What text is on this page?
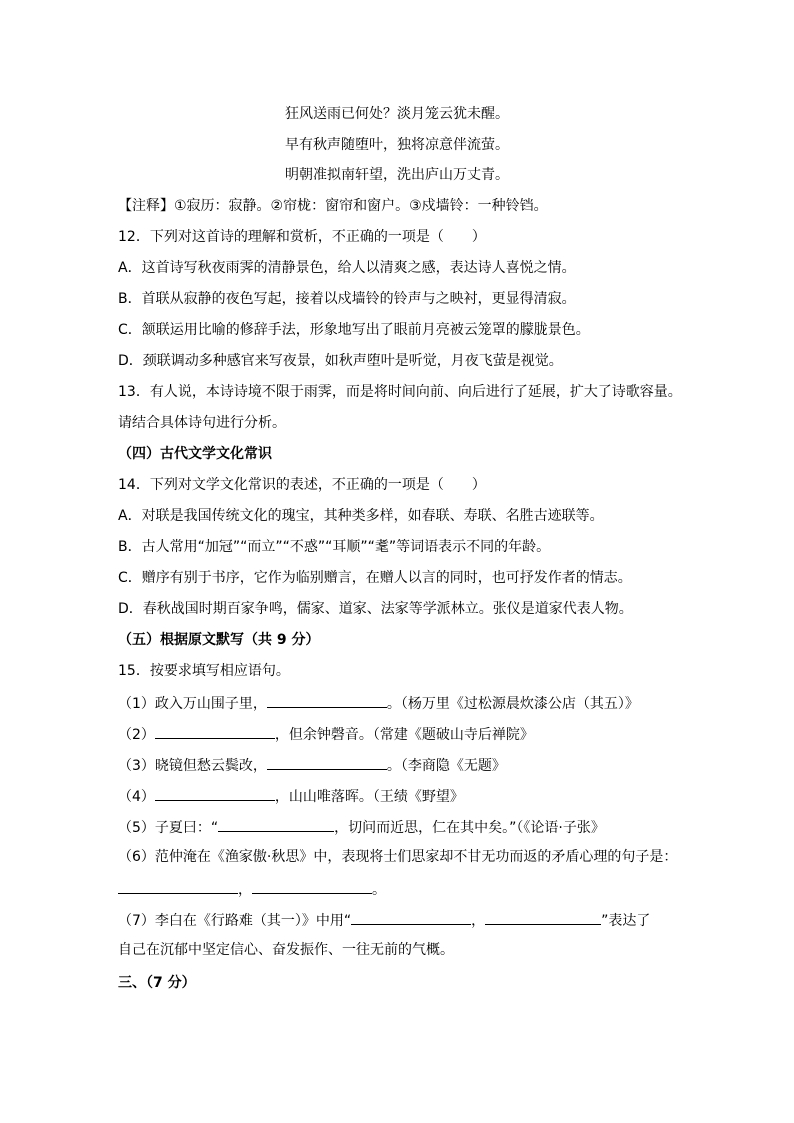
狂风送雨已何处？淡月笼云犹未醒。
早有秋声随堕叶，独将凉意伴流萤。
明朝准拟南轩望，洗出庐山万丈青。
【注释】①寂历：寂静。②帘栊：窗帘和窗户。③戍墙铃：一种铃铛。
12．下列对这首诗的理解和赏析，不正确的一项是（　　）
A．这首诗写秋夜雨霁的清静景色，给人以清爽之感，表达诗人喜悦之情。
B．首联从寂静的夜色写起，接着以戍墙铃的铃声与之映衬，更显得清寂。
C．颔联运用比喻的修辞手法，形象地写出了眼前月亮被云笼罩的朦胧景色。
D．颈联调动多种感官来写夜景，如秋声堕叶是听觉，月夜飞萤是视觉。
13．有人说，本诗诗境不限于雨霁，而是将时间向前、向后进行了延展，扩大了诗歌容量。
请结合具体诗句进行分析。
（四）古代文学文化常识
14．下列对文学文化常识的表述，不正确的一项是（　　）
A．对联是我国传统文化的瑰宝，其种类多样，如春联、寿联、名胜古迹联等。
B．古人常用“加冠”“而立”“不惑”“耳顺”“耄”等词语表示不同的年龄。
C．赠序有别于书序，它作为临别赠言，在赠人以言的同时，也可抒发作者的情志。
D．春秋战国时期百家争鸣，儒家、道家、法家等学派林立。张仪是道家代表人物。
（五）根据原文默写（共 9 分）
15．按要求填写相应语句。
（1）政入万山围子里，	。（杨万里《过松源晨炊漆公店（其五）》
（2）	，但余钟磬音。（常建《题破山寺后禅院》
（3）晓镜但愁云鬓改，	。（李商隐《无题》
（4）	，山山唯落晖。（王绩《野望》
（5）子夏曰：“	，切问而近思，仁在其中矣。”（《论语·子张》
（6）范仲淹在《渔家傲·秋思》中，表现将士们思家却不甘无功而返的矛盾心理的句子是：
，	。
（7）李白在《行路难（其一）》中用“	，	”表达了
自己在沉郁中坚定信心、奋发振作、一往无前的气概。
三、（7 分）
